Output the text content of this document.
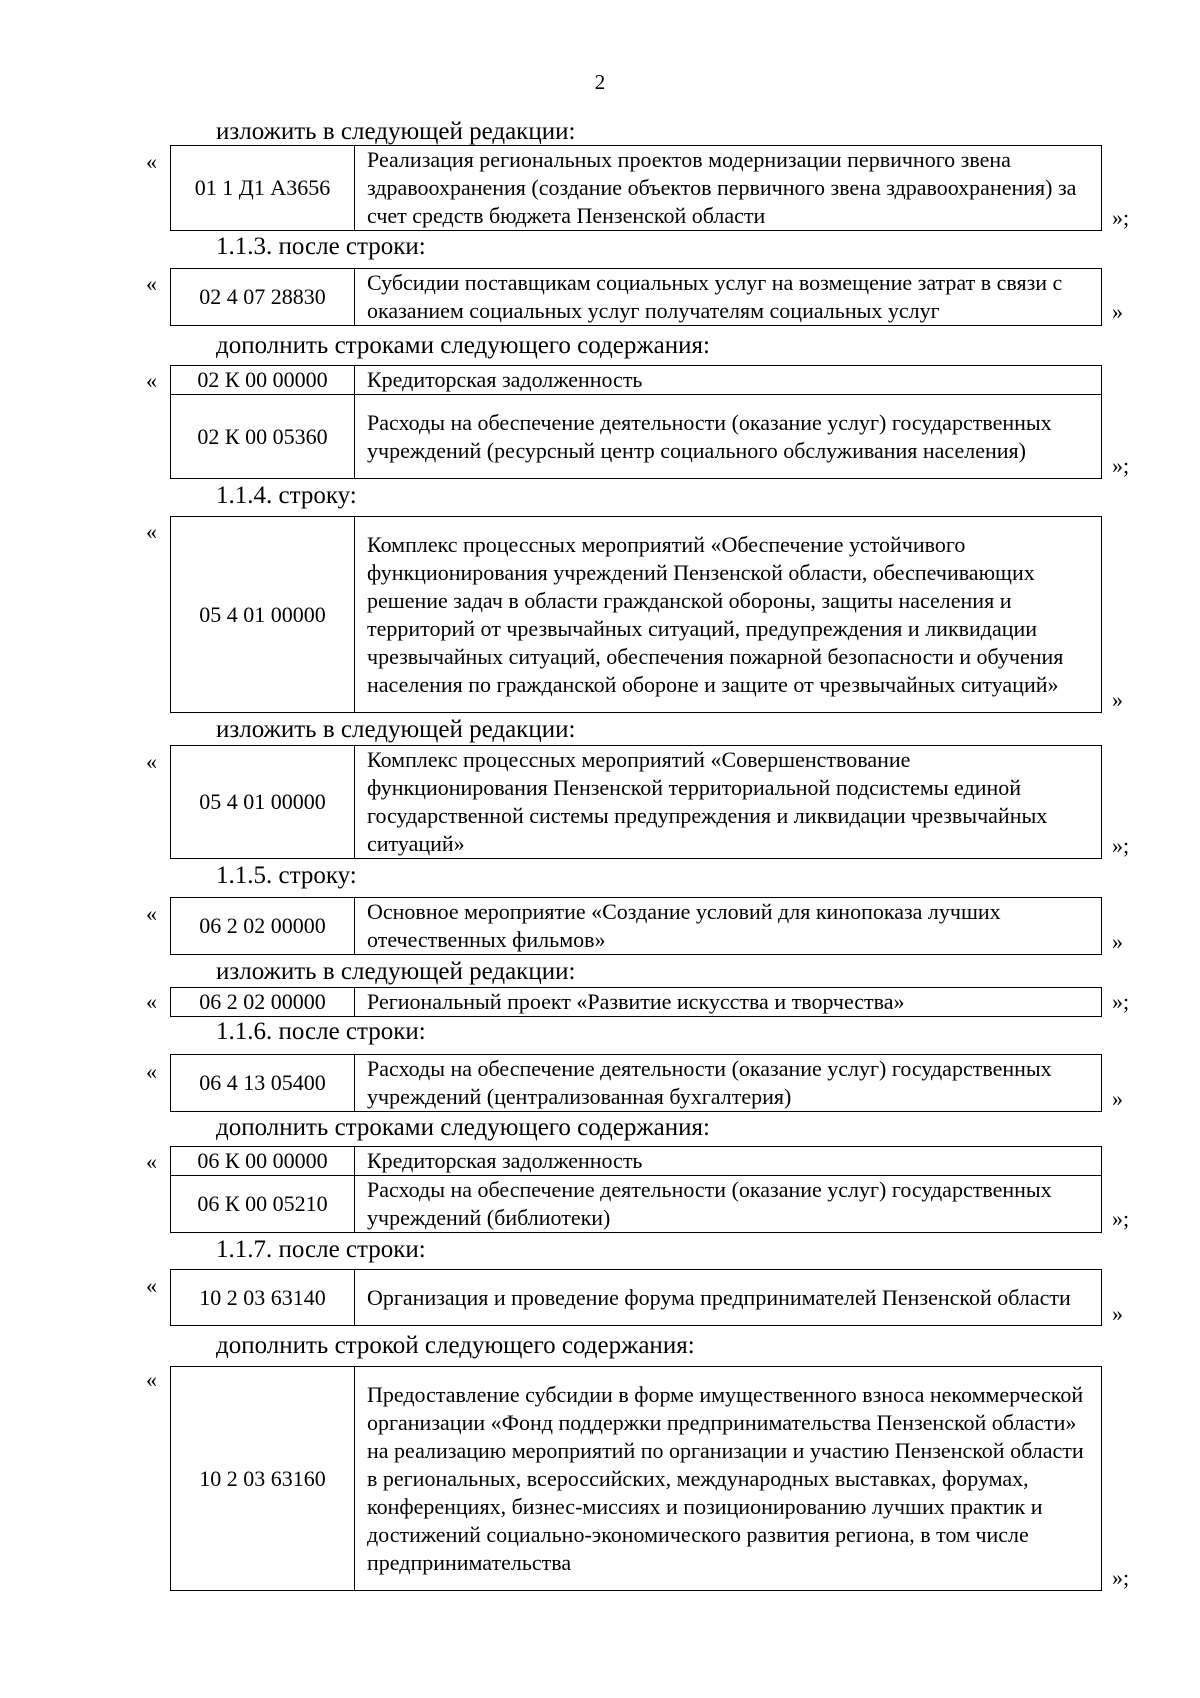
2
изложить в следующей редакции:
«
01 1 Д1 A3656	Реализация региональных проектов модернизации первичного звена здравоохранения (создание объектов первичного звена здравоохранения) за счет средств бюджета Пензенской области	»;
1.1.3. после строки:
«
02 4 07 28830	Субсидии поставщикам социальных услуг на возмещение затрат в связи с оказанием социальных услуг получателям социальных услуг	»
дополнить строками следующего содержания:
« 02 К 00 00000	Кредиторская задолженность
02 К 00 05360	Расходы на обеспечение деятельности (оказание услуг) государственных учреждений (ресурсный центр социального обслуживания населения)
»;
1.1.4. строку:
«
05 4 01 00000	Комплекс процессных мероприятий «Обеспечение устойчивого функционирования учреждений Пензенской области, обеспечивающих решение задач в области гражданской обороны, защиты населения и территорий от чрезвычайных ситуаций, предупреждения и ликвидации чрезвычайных ситуаций, обеспечения пожарной безопасности и обучения населения по гражданской обороне и защите от чрезвычайных ситуаций»
»
изложить в следующей редакции:
«
05 4 01 00000	Комплекс процессных мероприятий «Совершенствование функционирования Пензенской территориальной подсистемы единой государственной системы предупреждения и ликвидации чрезвычайных ситуаций»	»;
1.1.5. строку:
« 06 2 02 00000	Основное мероприятие «Создание условий для кинопоказа лучших отечественных фильмов»	»
изложить в следующей редакции:
« 06 2 02 00000	Региональный проект «Развитие искусства и творчества»	»;
1.1.6. после строки:
« 06 4 13 05400	Расходы на обеспечение деятельности (оказание услуг) государственных учреждений (централизованная бухгалтерия)	»
дополнить строками следующего содержания:
« 06 К 00 00000	Кредиторская задолженность
06 К 00 05210	Расходы на обеспечение деятельности (оказание услуг) государственных учреждений (библиотеки)	»;
1.1.7. после строки:
« 10 2 03 63140	Организация и проведение форума предпринимателей Пензенской области
»
дополнить строкой следующего содержания:
«
10 2 03 63160	Предоставление субсидии в форме имущественного взноса некоммерческой организации «Фонд поддержки предпринимательства Пензенской области» на реализацию мероприятий по организации и участию Пензенской области в региональных, всероссийских, международных выставках, форумах, конференциях, бизнес-миссиях и позиционированию лучших практик и достижений социально-экономического развития региона, в том числе предпринимательства
»;
